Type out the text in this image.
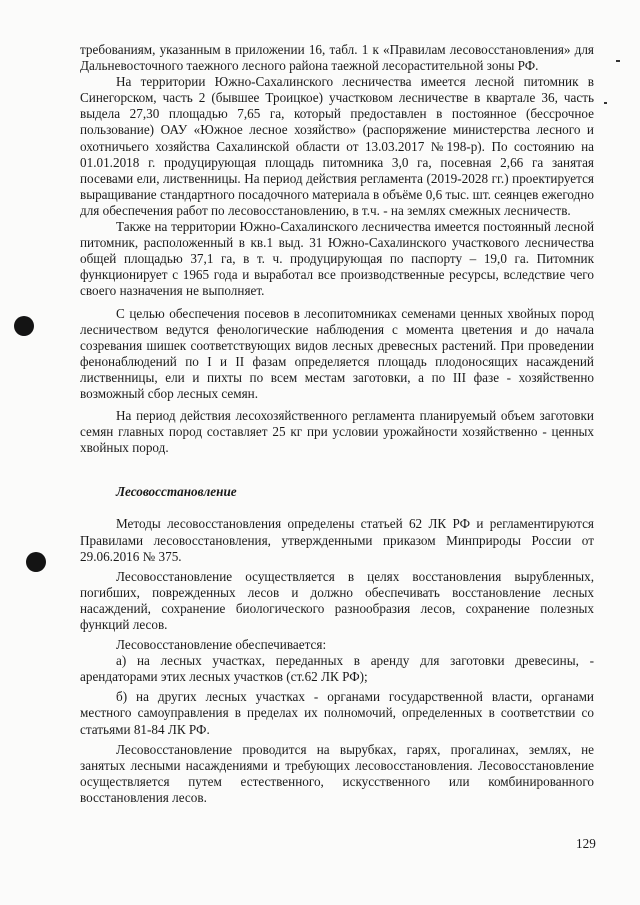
требованиям, указанным в приложении 16, табл. 1 к «Правилам лесовосстановления» для Дальневосточного таежного лесного района таежной лесорастительной зоны РФ.

На территории Южно-Сахалинского лесничества имеется лесной питомник в Синегорском, часть 2 (бывшее Троицкое) участковом лесничестве в квартале 36, часть выдела 27,30 площадью 7,65 га, который предоставлен в постоянное (бессрочное пользование) ОАУ «Южное лесное хозяйство» (распоряжение министерства лесного и охотничьего хозяйства Сахалинской области от 13.03.2017 №198-р). По состоянию на 01.01.2018 г. продуцирующая площадь питомника 3,0 га, посевная 2,66 га занятая посевами ели, лиственницы. На период действия регламента (2019-2028 гг.) проектируется выращивание стандартного посадочного материала в объёме 0,6 тыс. шт. сеянцев ежегодно для обеспечения работ по лесовосстановлению, в т.ч. - на землях смежных лесничеств.

Также на территории Южно-Сахалинского лесничества имеется постоянный лесной питомник, расположенный в кв.1 выд. 31 Южно-Сахалинского участкового лесничества общей площадью 37,1 га, в т. ч. продуцирующая по паспорту – 19,0 га. Питомник функционирует с 1965 года и выработал все производственные ресурсы, вследствие чего своего назначения не выполняет.

С целью обеспечения посевов в лесопитомниках семенами ценных хвойных пород лесничеством ведутся фенологические наблюдения с момента цветения и до начала созревания шишек соответствующих видов лесных древесных растений. При проведении фенонаблюдений по I и II фазам определяется площадь плодоносящих насаждений лиственницы, ели и пихты по всем местам заготовки, а по III фазе - хозяйственно возможный сбор лесных семян.

На период действия лесохозяйственного регламента планируемый объем заготовки семян главных пород составляет 25 кг при условии урожайности хозяйственно - ценных хвойных пород.

Лесовосстановление

Методы лесовосстановления определены статьей 62 ЛК РФ и регламентируются Правилами лесовосстановления, утвержденными приказом Минприроды России от 29.06.2016 № 375.

Лесовосстановление осуществляется в целях восстановления вырубленных, погибших, поврежденных лесов и должно обеспечивать восстановление лесных насаждений, сохранение биологического разнообразия лесов, сохранение полезных функций лесов.

Лесовосстановление обеспечивается:

а) на лесных участках, переданных в аренду для заготовки древесины, - арендаторами этих лесных участков (ст.62 ЛК РФ);

б) на других лесных участках - органами государственной власти, органами местного самоуправления в пределах их полномочий, определенных в соответствии со статьями 81-84 ЛК РФ.

Лесовосстановление проводится на вырубках, гарях, прогалинах, землях, не занятых лесными насаждениями и требующих лесовосстановления. Лесовосстановление осуществляется путем естественного, искусственного или комбинированного восстановления лесов.

129
